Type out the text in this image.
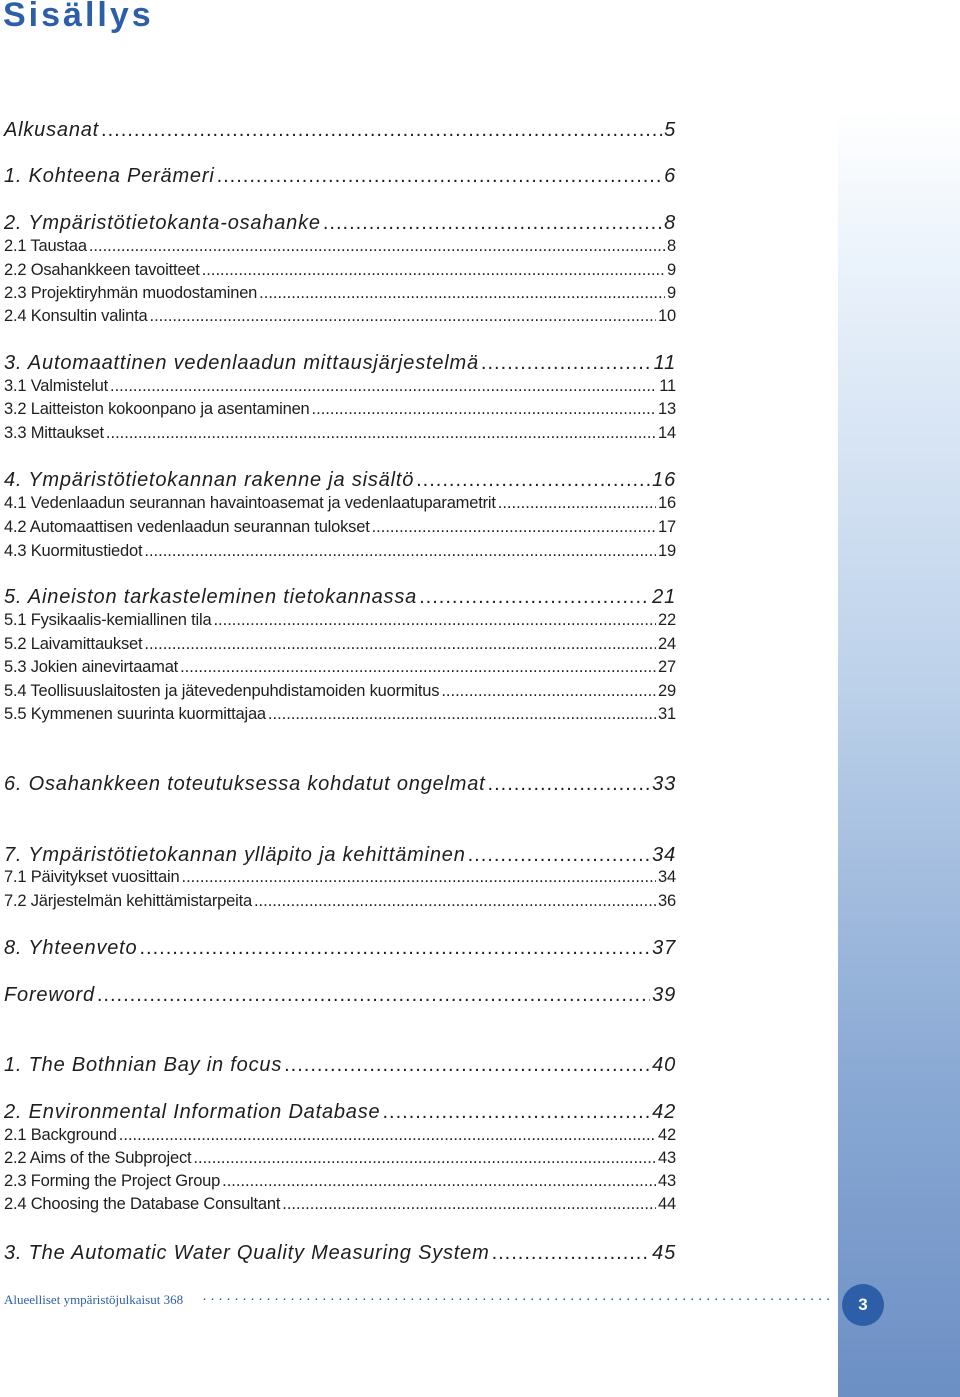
Sisällys
Alkusanat .....	5
1. Kohteena Perämeri .....	6
2. Ympäristötietokanta-osahanke .....	8
2.1 Taustaa .....	8
2.2 Osahankkeen tavoitteet .....	9
2.3 Projektiryhmän muodostaminen .....	9
2.4 Konsultin valinta .....	10
3. Automaattinen vedenlaadun mittausjärjestelmä .....	11
3.1 Valmistelut .....	11
3.2 Laitteiston kokoonpano ja asentaminen .....	13
3.3 Mittaukset .....	14
4. Ympäristötietokannan rakenne ja sisältö .....	16
4.1 Vedenlaadun seurannan havaintoasemat ja vedenlaatuparametrit .....	16
4.2 Automaattisen vedenlaadun seurannan tulokset .....	17
4.3 Kuormitustiedot .....	19
5. Aineiston tarkasteleminen tietokannassa .....	21
5.1 Fysikaalis-kemiallinen tila .....	22
5.2 Laivamittaukset .....	24
5.3 Jokien ainevirtaamat .....	27
5.4 Teollisuuslaitosten ja jätevedenpuhdistamoiden kuormitus .....	29
5.5 Kymmenen suurinta kuormittajaa .....	31
6. Osahankkeen toteutuksessa kohdatut ongelmat .....	33
7. Ympäristötietokannan ylläpito ja kehittäminen .....	34
7.1 Päivitykset vuosittain .....	34
7.2 Järjestelmän kehittämistarpeita .....	36
8. Yhteenveto .....	37
Foreword .....	39
1. The Bothnian Bay in focus .....	40
2. Environmental Information Database .....	42
2.1 Background .....	42
2.2 Aims of the Subproject .....	43
2.3 Forming the Project Group .....	43
2.4 Choosing the Database Consultant .....	44
3. The Automatic Water Quality Measuring System .....	45
Alueelliset ympäristöjulkaisut 368 ·····	3
